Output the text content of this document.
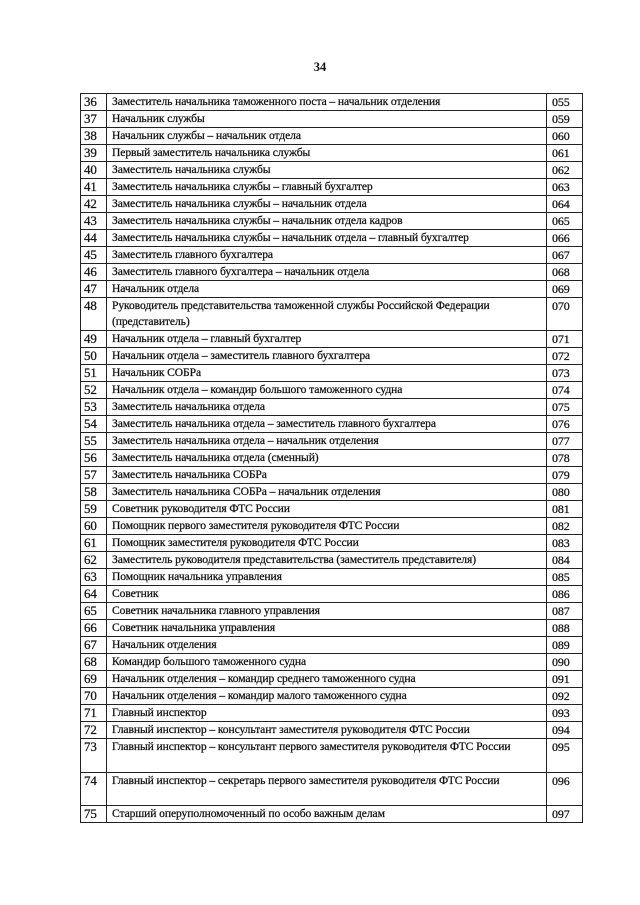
34
36	Заместитель начальника таможенного поста – начальник отделения	055
37	Начальник службы	059
38	Начальник службы – начальник отдела	060
39	Первый заместитель начальника службы	061
40	Заместитель начальника службы	062
41	Заместитель начальника службы – главный бухгалтер	063
42	Заместитель начальника службы – начальник отдела	064
43	Заместитель начальника службы – начальник отдела кадров	065
44	Заместитель начальника службы – начальник отдела – главный бухгалтер	066
45	Заместитель главного бухгалтера	067
46	Заместитель главного бухгалтера – начальник отдела	068
47	Начальник отдела	069
48	Руководитель представительства таможенной службы Российской Федерации (представитель)	070
49	Начальник отдела – главный бухгалтер	071
50	Начальник отдела – заместитель главного бухгалтера	072
51	Начальник СОБРа	073
52	Начальник отдела – командир большого таможенного судна	074
53	Заместитель начальника отдела	075
54	Заместитель начальника отдела – заместитель главного бухгалтера	076
55	Заместитель начальника отдела – начальник отделения	077
56	Заместитель начальника отдела (сменный)	078
57	Заместитель начальника СОБРа	079
58	Заместитель начальника СОБРа – начальник отделения	080
59	Советник руководителя ФТС России	081
60	Помощник первого заместителя руководителя ФТС России	082
61	Помощник заместителя руководителя ФТС России	083
62	Заместитель руководителя представительства (заместитель представителя)	084
63	Помощник начальника управления	085
64	Советник	086
65	Советник начальника главного управления	087
66	Советник начальника управления	088
67	Начальник отделения	089
68	Командир большого таможенного судна	090
69	Начальник отделения – командир среднего таможенного судна	091
70	Начальник отделения – командир малого таможенного судна	092
71	Главный инспектор	093
72	Главный инспектор – консультант заместителя руководителя ФТС России	094
73	Главный инспектор – консультант первого заместителя руководителя ФТС России	095
74	Главный инспектор – секретарь первого заместителя руководителя ФТС России	096
75	Старший оперуполномоченный по особо важным делам	097
